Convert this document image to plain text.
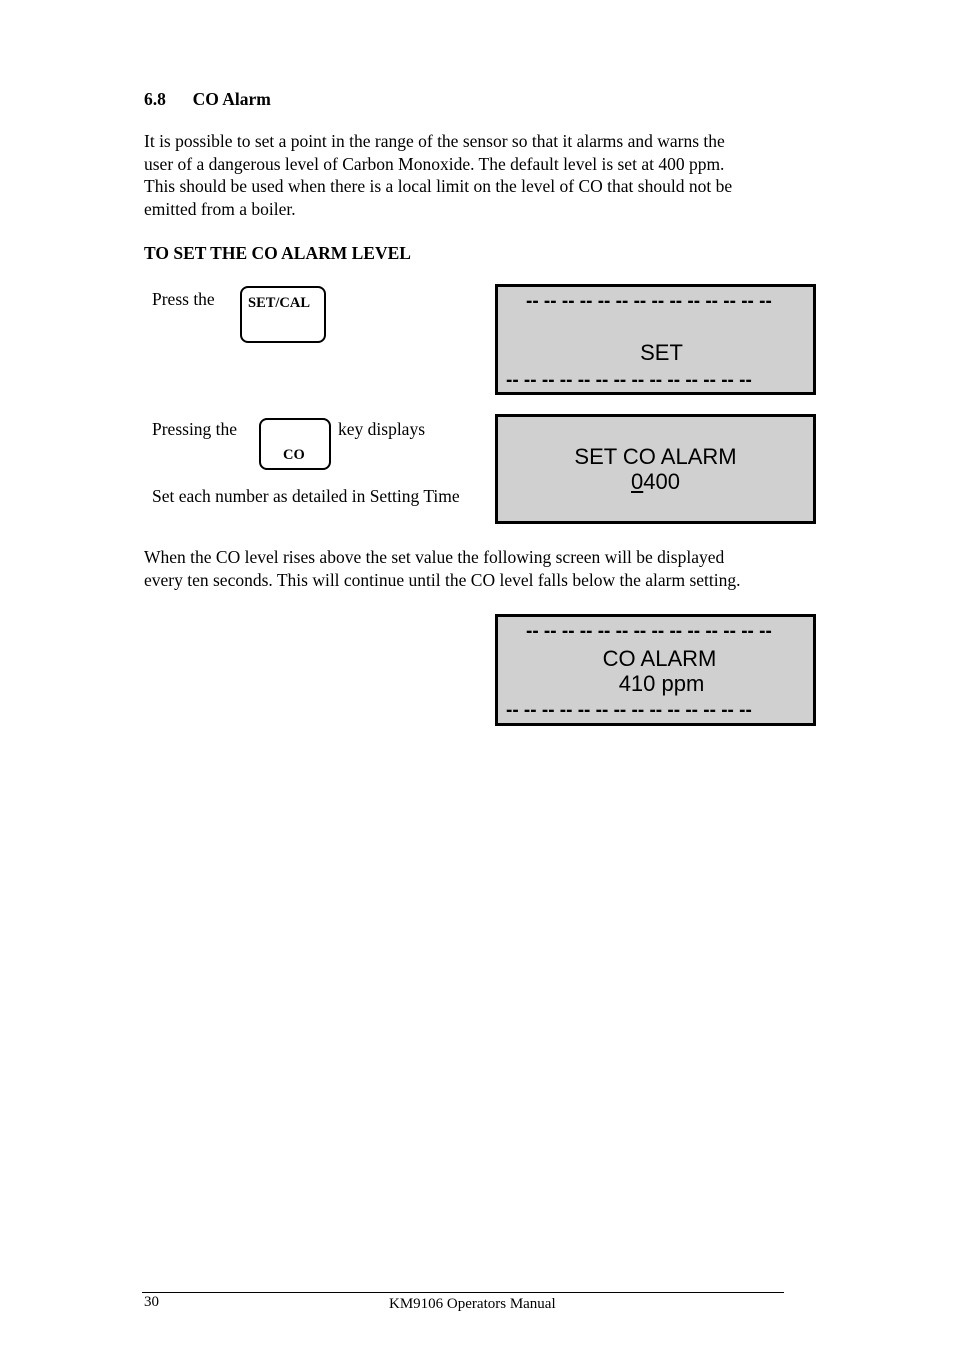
6.8 CO Alarm
It is possible to set a point in the range of the sensor so that it alarms and warns the
user of a dangerous level of Carbon Monoxide. The default level is set at 400 ppm.
This should be used when there is a local limit on the level of CO that should not be
emitted from a boiler.
TO SET THE CO ALARM LEVEL
Press the SET/CAL	-- -- -- -- -- -- -- -- -- -- -- -- -- --
SET
-- -- -- -- -- -- -- -- -- -- -- -- -- --
Pressing the
CO
key displays
Set each number as detailed in Setting Time
SET CO ALARM
0400
When the CO level rises above the set value the following screen will be displayed
every ten seconds. This will continue until the CO level falls below the alarm setting.
-- -- -- -- -- -- -- -- -- -- -- -- -- --
CO ALARM
410 ppm
-- -- -- -- -- -- -- -- -- -- -- -- -- --
30	KM9106 Operators Manual
